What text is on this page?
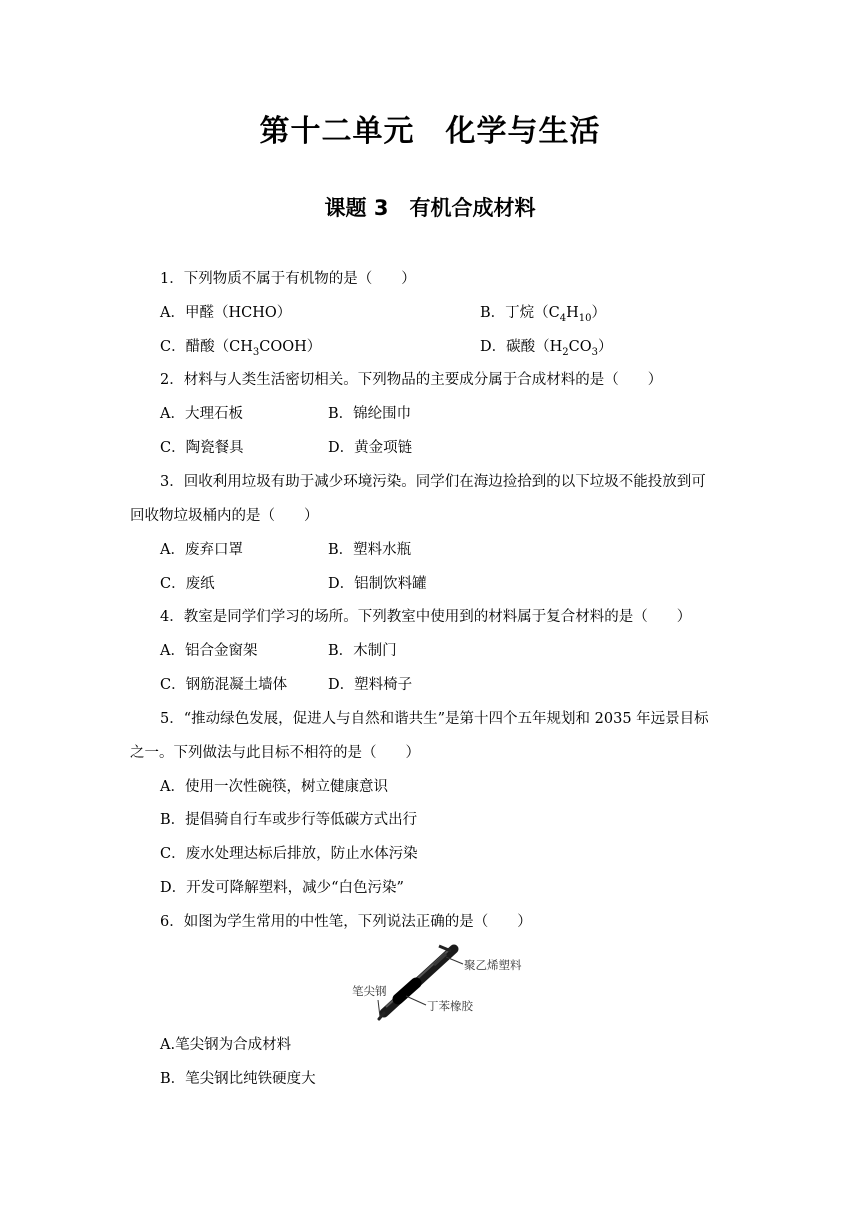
第十二单元　化学与生活
课题 3　有机合成材料
1．下列物质不属于有机物的是（　　）
A．甲醛（HCHO）	B．丁烷$(C_4H_{10})$
C．醋酸$(CH_3COOH)$	D．碳酸$(H_2CO_3)$
2．材料与人类生活密切相关。下列物品的主要成分属于合成材料的是（　　）
A．大理石板	B．锦纶围巾
C．陶瓷餐具	D．黄金项链
3．回收利用垃圾有助于减少环境污染。同学们在海边捡拾到的以下垃圾不能投放到可
回收物垃圾桶内的是（　　）
A．废弃口罩	B．塑料水瓶
C．废纸	D．铝制饮料罐
4．教室是同学们学习的场所。下列教室中使用到的材料属于复合材料的是（　　）
A．铝合金窗架	B．木制门
C．钢筋混凝土墙体	D．塑料椅子
5．“推动绿色发展，促进人与自然和谐共生”是第十四个五年规划和 2035 年远景目标
之一。下列做法与此目标不相符的是（　　）
A．使用一次性碗筷，树立健康意识
B．提倡骑自行车或步行等低碳方式出行
C．废水处理达标后排放，防止水体污染
D．开发可降解塑料，减少“白色污染”
6．如图为学生常用的中性笔，下列说法正确的是（　　）
聚乙烯塑料
丁苯橡胶
笔尖钢
A.笔尖钢为合成材料
B．笔尖钢比纯铁硬度大
